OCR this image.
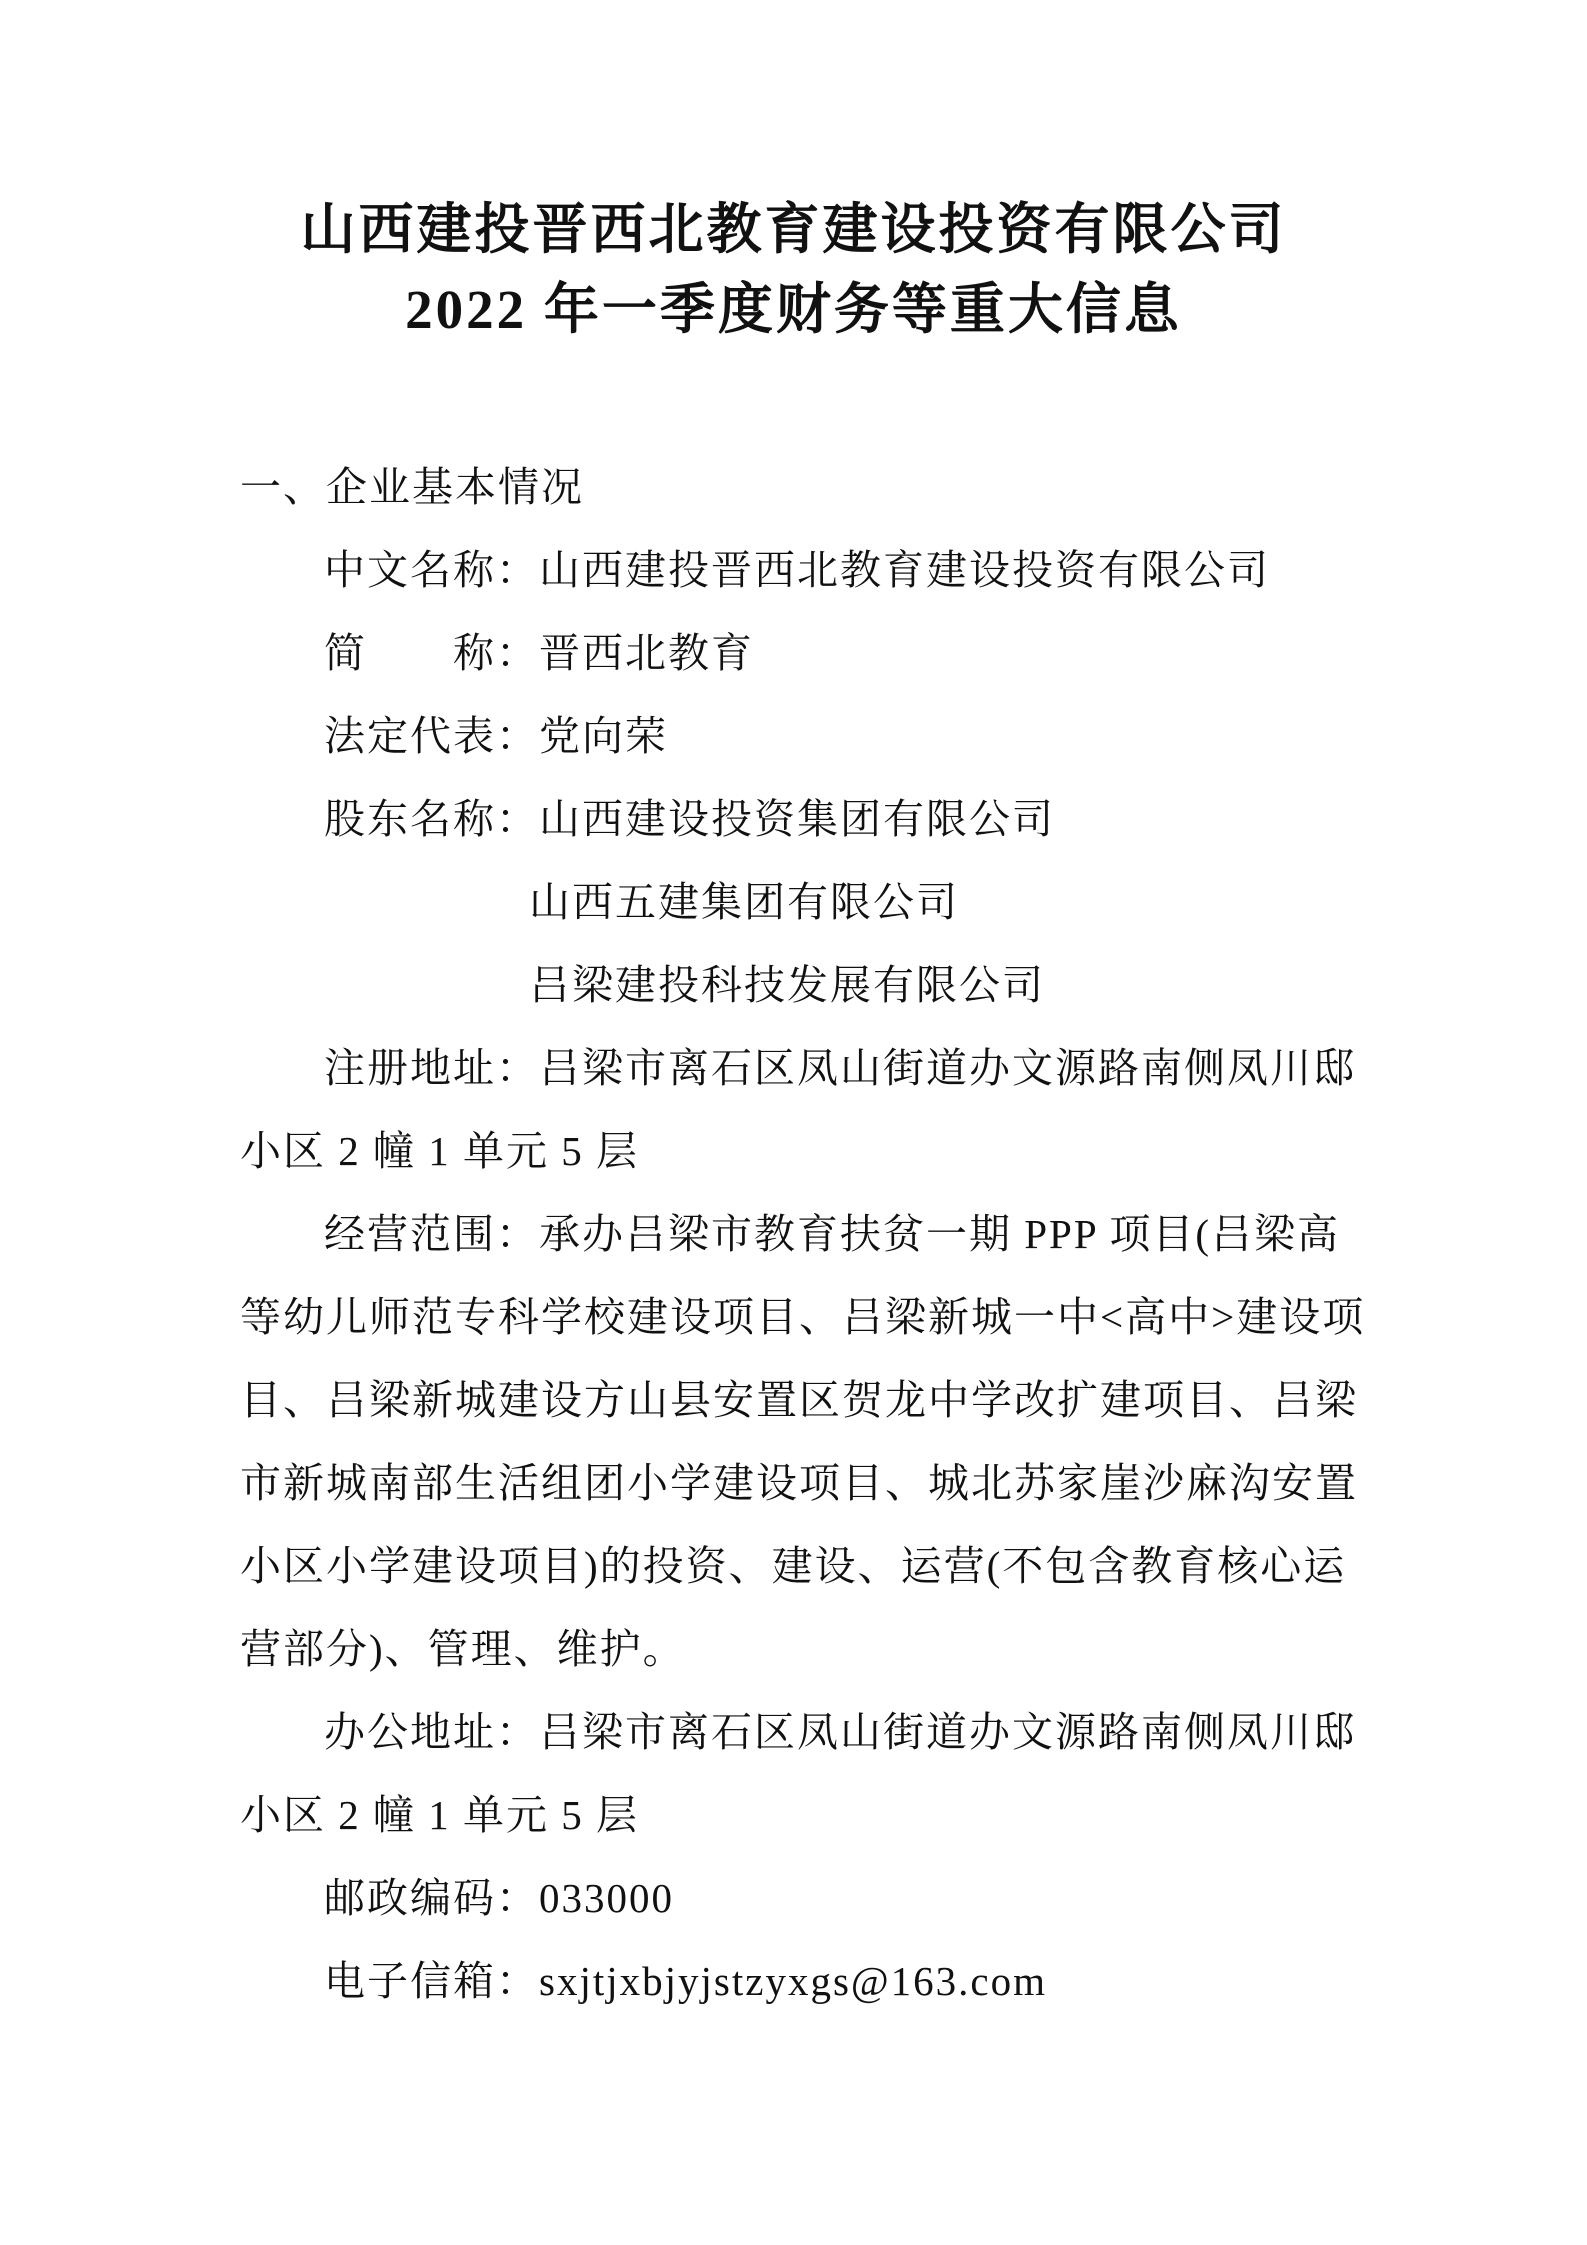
山西建投晋西北教育建设投资有限公司
2022 年一季度财务等重大信息
一、企业基本情况
中文名称：山西建投晋西北教育建设投资有限公司
简　　称：晋西北教育
法定代表：党向荣
股东名称：山西建设投资集团有限公司
山西五建集团有限公司
吕梁建投科技发展有限公司
注册地址：吕梁市离石区凤山街道办文源路南侧凤川邸
小区 2 幢 1 单元 5 层
经营范围：承办吕梁市教育扶贫一期 PPP 项目(吕梁高
等幼儿师范专科学校建设项目、吕梁新城一中<高中>建设项
目、吕梁新城建设方山县安置区贺龙中学改扩建项目、吕梁
市新城南部生活组团小学建设项目、城北苏家崖沙麻沟安置
小区小学建设项目)的投资、建设、运营(不包含教育核心运
营部分)、管理、维护。
办公地址：吕梁市离石区凤山街道办文源路南侧凤川邸
小区 2 幢 1 单元 5 层
邮政编码：033000
电子信箱：sxjtjxbjyjstzyxgs@163.com
